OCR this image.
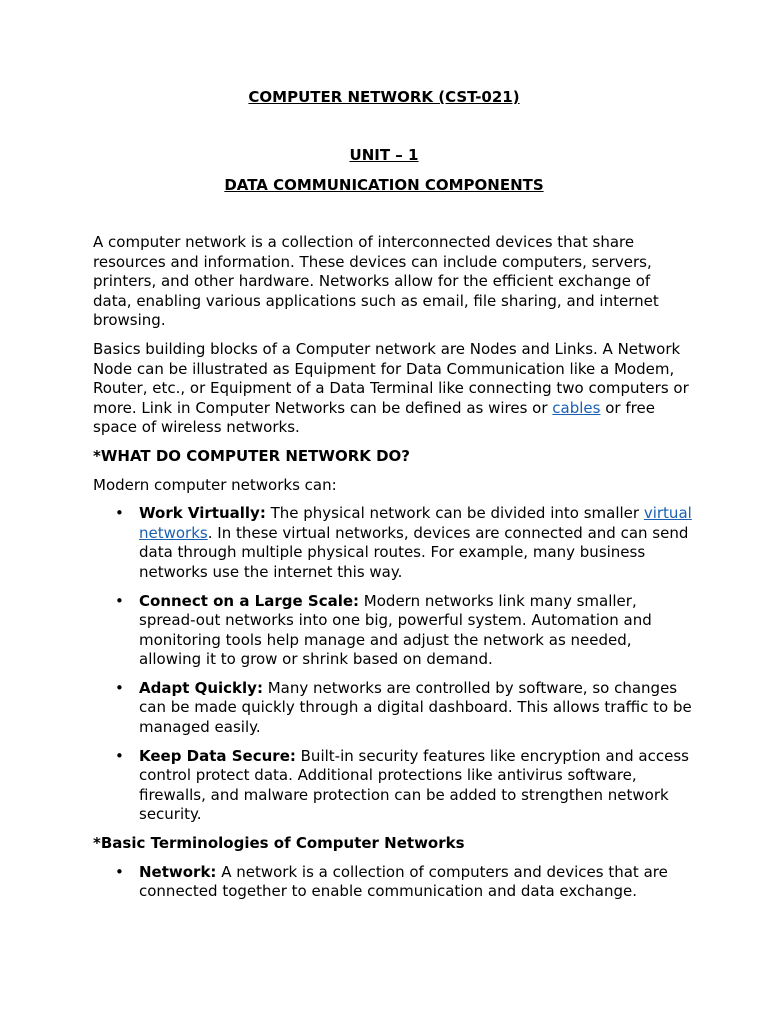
COMPUTER NETWORK (CST-021)
UNIT – 1
DATA COMMUNICATION COMPONENTS

A computer network is a collection of interconnected devices that share resources and information. These devices can include computers, servers, printers, and other hardware. Networks allow for the efficient exchange of data, enabling various applications such as email, file sharing, and internet browsing.

Basics building blocks of a Computer network are Nodes and Links. A Network Node can be illustrated as Equipment for Data Communication like a Modem, Router, etc., or Equipment of a Data Terminal like connecting two computers or more. Link in Computer Networks can be defined as wires or cables or free space of wireless networks.

*WHAT DO COMPUTER NETWORK DO?

Modern computer networks can:

• Work Virtually: The physical network can be divided into smaller virtual networks. In these virtual networks, devices are connected and can send data through multiple physical routes. For example, many business networks use the internet this way.
• Connect on a Large Scale: Modern networks link many smaller, spread-out networks into one big, powerful system. Automation and monitoring tools help manage and adjust the network as needed, allowing it to grow or shrink based on demand.
• Adapt Quickly: Many networks are controlled by software, so changes can be made quickly through a digital dashboard. This allows traffic to be managed easily.
• Keep Data Secure: Built-in security features like encryption and access control protect data. Additional protections like antivirus software, firewalls, and malware protection can be added to strengthen network security.

*Basic Terminologies of Computer Networks

• Network: A network is a collection of computers and devices that are connected together to enable communication and data exchange.
